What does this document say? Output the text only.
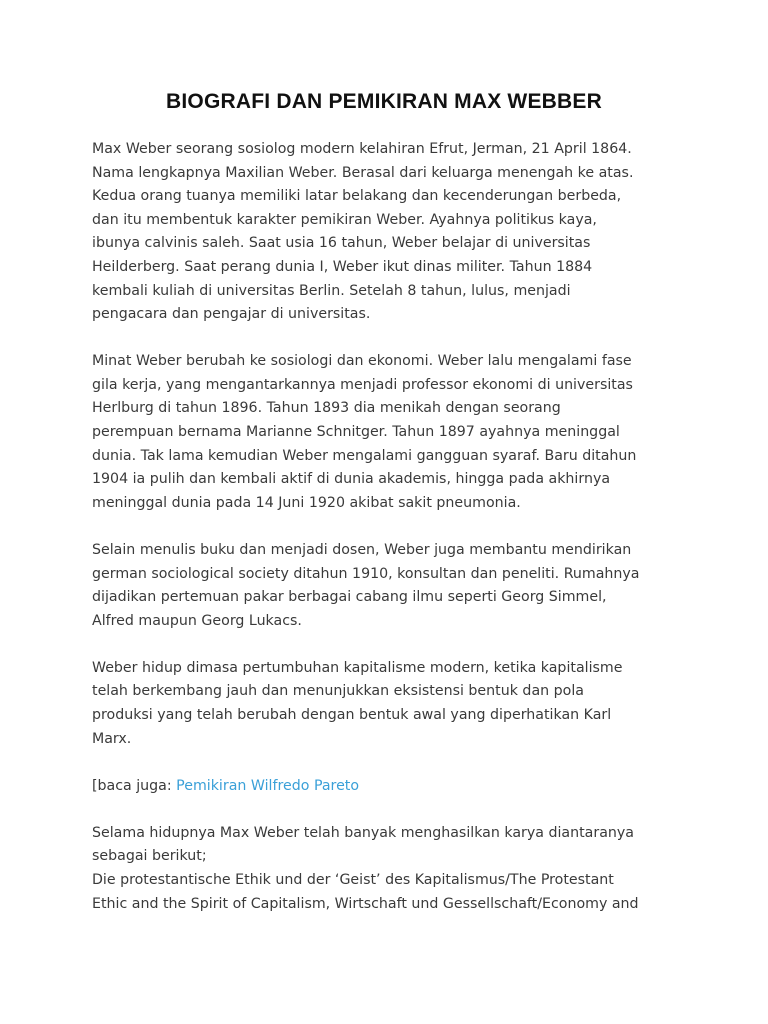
BIOGRAFI DAN PEMIKIRAN MAX WEBBER
Max Weber seorang sosiolog modern kelahiran Efrut, Jerman, 21 April 1864.
Nama lengkapnya Maxilian Weber. Berasal dari keluarga menengah ke atas.
Kedua orang tuanya memiliki latar belakang dan kecenderungan berbeda,
dan itu membentuk karakter pemikiran Weber. Ayahnya politikus kaya,
ibunya calvinis saleh. Saat usia 16 tahun, Weber belajar di universitas
Heilderberg. Saat perang dunia I, Weber ikut dinas militer. Tahun 1884
kembali kuliah di universitas Berlin. Setelah 8 tahun, lulus, menjadi
pengacara dan pengajar di universitas.
Minat Weber berubah ke sosiologi dan ekonomi. Weber lalu mengalami fase
gila kerja, yang mengantarkannya menjadi professor ekonomi di universitas
Herlburg di tahun 1896. Tahun 1893 dia menikah dengan seorang
perempuan bernama Marianne Schnitger. Tahun 1897 ayahnya meninggal
dunia. Tak lama kemudian Weber mengalami gangguan syaraf. Baru ditahun
1904 ia pulih dan kembali aktif di dunia akademis, hingga pada akhirnya
meninggal dunia pada 14 Juni 1920 akibat sakit pneumonia.
Selain menulis buku dan menjadi dosen, Weber juga membantu mendirikan
german sociological society ditahun 1910, konsultan dan peneliti. Rumahnya
dijadikan pertemuan pakar berbagai cabang ilmu seperti Georg Simmel,
Alfred maupun Georg Lukacs.
Weber hidup dimasa pertumbuhan kapitalisme modern, ketika kapitalisme
telah berkembang jauh dan menunjukkan eksistensi bentuk dan pola
produksi yang telah berubah dengan bentuk awal yang diperhatikan Karl
Marx.
[baca juga: Pemikiran Wilfredo Pareto
Selama hidupnya Max Weber telah banyak menghasilkan karya diantaranya
sebagai berikut;
Die protestantische Ethik und der ‘Geist’ des Kapitalismus/The Protestant
Ethic and the Spirit of Capitalism, Wirtschaft und Gessellschaft/Economy and
